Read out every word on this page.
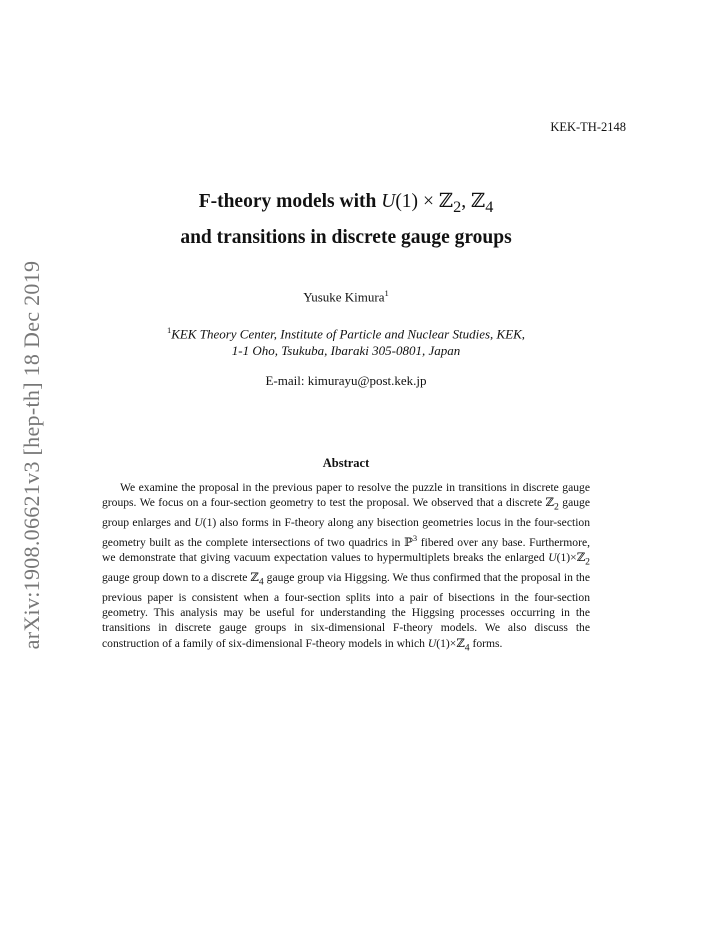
KEK-TH-2148
arXiv:1908.06621v3 [hep-th] 18 Dec 2019
F-theory models with U(1) × ℤ$_2$, ℤ$_4$
and transitions in discrete gauge groups
Yusuke Kimura$^1$
$^1$KEK Theory Center, Institute of Particle and Nuclear Studies, KEK,
1-1 Oho, Tsukuba, Ibaraki 305-0801, Japan
E-mail: kimurayu@post.kek.jp
Abstract

We examine the proposal in the previous paper to resolve the puzzle in transitions in discrete gauge groups. We focus on a four-section geometry to test the proposal. We observed that a discrete ℤ$_2$ gauge group enlarges and U(1) also forms in F-theory along any bisection geometries locus in the four-section geometry built as the complete intersections of two quadrics in ℙ$^3$ fibered over any base. Furthermore, we demonstrate that giving vacuum expectation values to hypermultiplets breaks the enlarged U(1)×ℤ$_2$ gauge group down to a discrete ℤ$_4$ gauge group via Higgsing. We thus confirmed that the proposal in the previous paper is consistent when a four-section splits into a pair of bisections in the four-section geometry. This analysis may be useful for understanding the Higgsing processes occurring in the transitions in discrete gauge groups in six-dimensional F-theory models. We also discuss the construction of a family of six-dimensional F-theory models in which U(1)×ℤ$_4$ forms.
